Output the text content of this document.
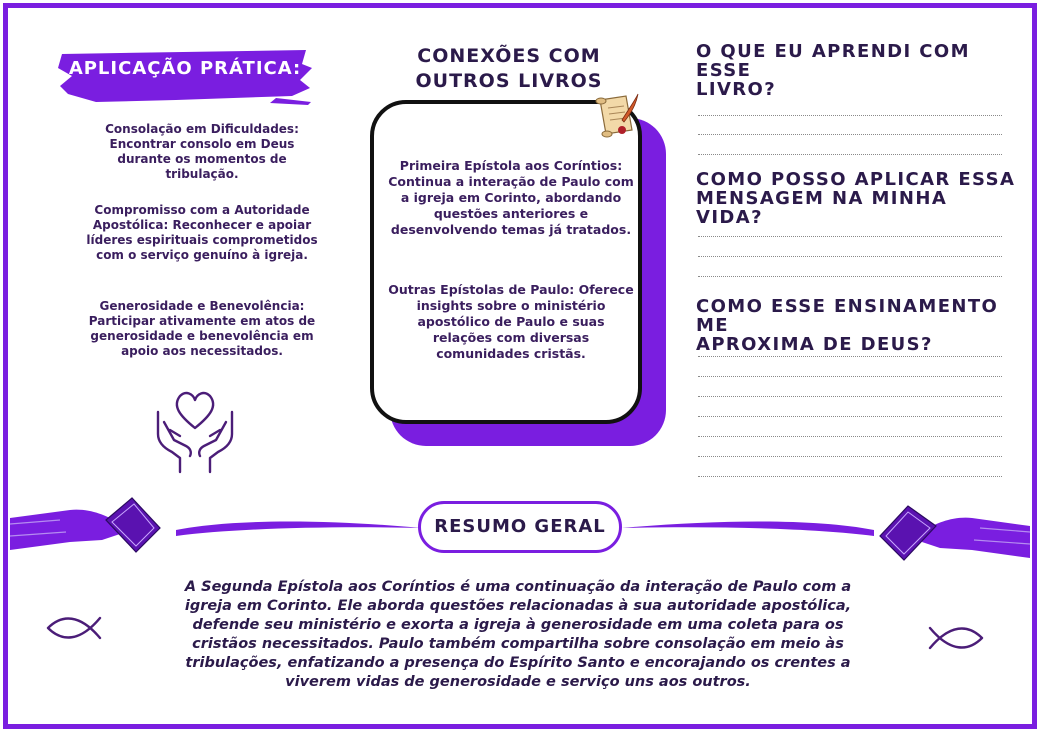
APLICAÇÃO PRÁTICA:
Consolação em Dificuldades: Encontrar consolo em Deus durante os momentos de tribulação.
Compromisso com a Autoridade Apostólica: Reconhecer e apoiar líderes espirituais comprometidos com o serviço genuíno à igreja.
Generosidade e Benevolência: Participar ativamente em atos de generosidade e benevolência em apoio aos necessitados.
CONEXÕES COM
OUTROS LIVROS
Primeira Epístola aos Coríntios: Continua a interação de Paulo com a igreja em Corinto, abordando questões anteriores e desenvolvendo temas já tratados.
Outras Epístolas de Paulo: Oferece insights sobre o ministério apostólico de Paulo e suas relações com diversas comunidades cristãs.
O QUE EU APRENDI COM ESSE
LIVRO?
COMO POSSO APLICAR ESSA
MENSAGEM NA MINHA VIDA?
COMO ESSE ENSINAMENTO ME
APROXIMA DE DEUS?
RESUMO GERAL
A Segunda Epístola aos Coríntios é uma continuação da interação de Paulo com a igreja em Corinto. Ele aborda questões relacionadas à sua autoridade apostólica, defende seu ministério e exorta a igreja à generosidade em uma coleta para os cristãos necessitados. Paulo também compartilha sobre consolação em meio às tribulações, enfatizando a presença do Espírito Santo e encorajando os crentes a viverem vidas de generosidade e serviço uns aos outros.
